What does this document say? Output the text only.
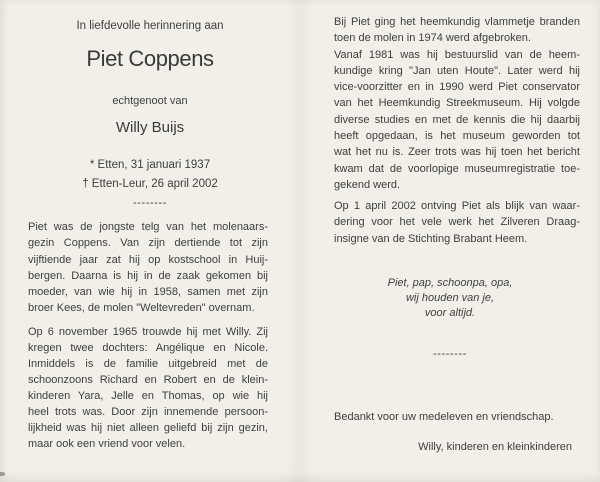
In liefdevolle herinnering aan
Piet Coppens
echtgenoot van
Willy Buijs
* Etten, 31 januari 1937
† Etten-Leur, 26 april 2002
--------
Piet was de jongste telg van het molenaars-
gezin Coppens. Van zijn dertiende tot zijn
vijftiende jaar zat hij op kostschool in Huij-
bergen. Daarna is hij in de zaak gekomen bij
moeder, van wie hij in 1958, samen met zijn
broer Kees, de molen "Weltevreden" overnam.
Op 6 november 1965 trouwde hij met Willy. Zij
kregen twee dochters: Angélique en Nicole.
Inmiddels is de familie uitgebreid met de
schoonzoons Richard en Robert en de klein-
kinderen Yara, Jelle en Thomas, op wie hij
heel trots was. Door zijn innemende persoon-
lijkheid was hij niet alleen geliefd bij zijn gezin,
maar ook een vriend voor velen.
Bij Piet ging het heemkundig vlammetje branden
toen de molen in 1974 werd afgebroken.
Vanaf 1981 was hij bestuurslid van de heem-
kundige kring "Jan uten Houte". Later werd hij
vice-voorzitter en in 1990 werd Piet conservator
van het Heemkundig Streekmuseum. Hij volgde
diverse studies en met de kennis die hij daarbij
heeft opgedaan, is het museum geworden tot
wat het nu is. Zeer trots was hij toen het bericht
kwam dat de voorlopige museumregistratie toe-
gekend werd.
Op 1 april 2002 ontving Piet als blijk van waar-
dering voor het vele werk het Zilveren Draag-
insigne van de Stichting Brabant Heem.
Piet, pap, schoonpa, opa,
wij houden van je,
voor altijd.
--------
Bedankt voor uw medeleven en vriendschap.
Willy, kinderen en kleinkinderen
